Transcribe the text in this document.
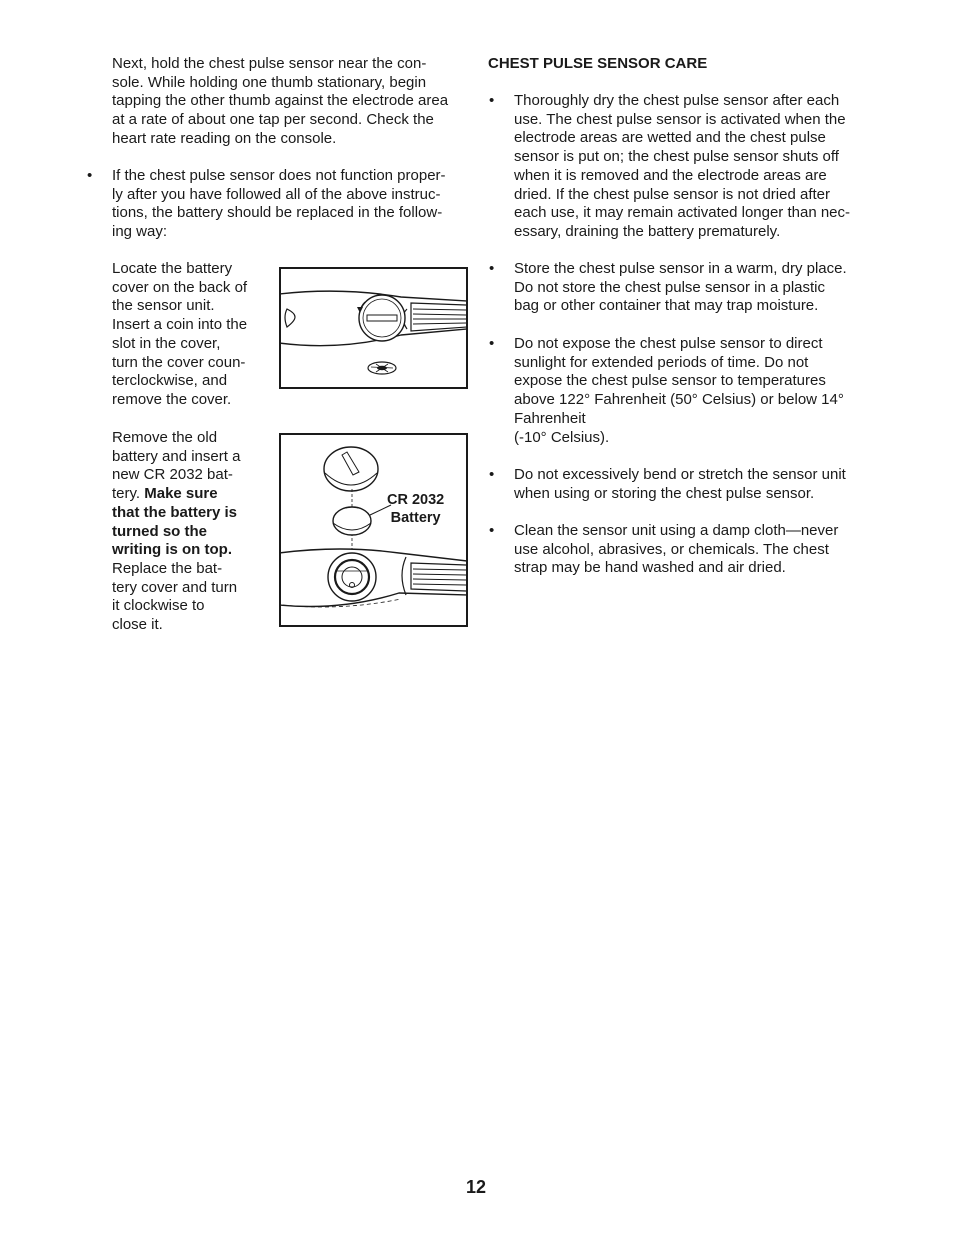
Next, hold the chest pulse sensor near the con-
sole. While holding one thumb stationary, begin
tapping the other thumb against the electrode area
at a rate of about one tap per second. Check the
heart rate reading on the console.
• If the chest pulse sensor does not function proper-
ly after you have followed all of the above instruc-
tions, the battery should be replaced in the follow-
ing way:
Locate the battery
cover on the back of
the sensor unit.
Insert a coin into the
slot in the cover,
turn the cover coun-
terclockwise, and
remove the cover.
Remove the old
battery and insert a
new CR 2032 bat-
tery. Make sure
that the battery is
turned so the
writing is on top.
Replace the bat-
tery cover and turn
it clockwise to
close it.
CR 2032
Battery
CHEST PULSE SENSOR CARE
• Thoroughly dry the chest pulse sensor after each
use. The chest pulse sensor is activated when the
electrode areas are wetted and the chest pulse
sensor is put on; the chest pulse sensor shuts off
when it is removed and the electrode areas are
dried. If the chest pulse sensor is not dried after
each use, it may remain activated longer than nec-
essary, draining the battery prematurely.
• Store the chest pulse sensor in a warm, dry place.
Do not store the chest pulse sensor in a plastic
bag or other container that may trap moisture.
• Do not expose the chest pulse sensor to direct
sunlight for extended periods of time. Do not
expose the chest pulse sensor to temperatures
above 122° Fahrenheit (50° Celsius) or below 14°
Fahrenheit
(-10° Celsius).
• Do not excessively bend or stretch the sensor unit
when using or storing the chest pulse sensor.
• Clean the sensor unit using a damp cloth—never
use alcohol, abrasives, or chemicals. The chest
strap may be hand washed and air dried.
12
